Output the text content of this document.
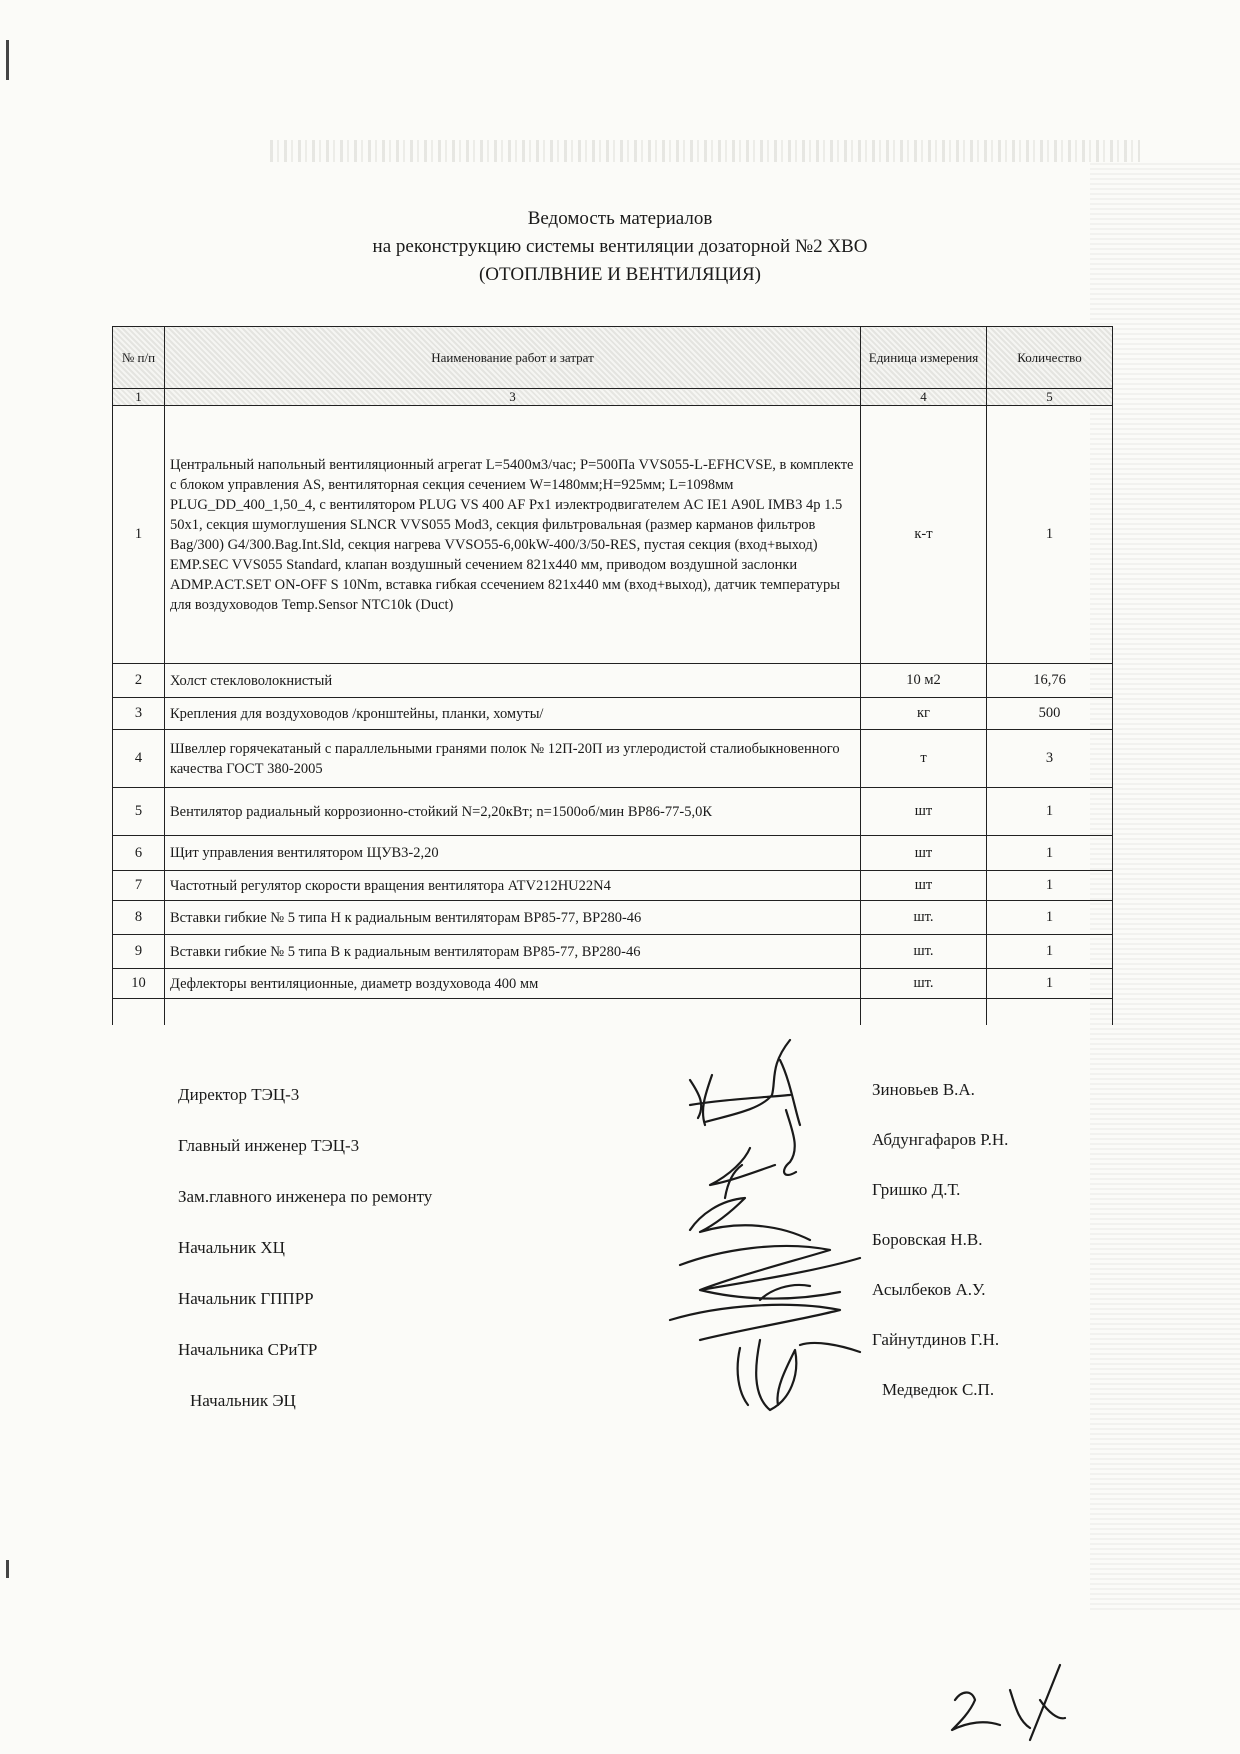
Ведомость материалов
на реконструкцию системы вентиляции дозаторной №2 ХВО
(ОТОПЛВНИЕ И ВЕНТИЛЯЦИЯ)
№ п/п	Наименование работ и затрат	Единица измерения	Количество
1	3	4	5
1	Центральный напольный вентиляционный агрегат L=5400м3/час; P=500Па VVS055-L-EFHCVSE, в комплекте с блоком управления AS, вентиляторная секция сечением W=1480мм;H=925мм; L=1098мм PLUG_DD_400_1,50_4, с вентилятором PLUG VS 400 AF Px1 иэлектродвигателем AC IE1 A90L IMB3 4p 1.5 50x1, секция шумоглушения SLNCR VVS055 Mod3, секция фильтровальная (размер карманов фильтров Bag/300) G4/300.Bag.Int.Sld, секция нагрева VVSO55-6,00kW-400/3/50-RES, пустая секция (вход+выход) EMP.SEC VVS055 Standard, клапан воздушный сечением 821x440 мм, приводом воздушной заслонки ADMP.ACT.SET ON-OFF S 10Nm, вставка гибкая ссечением 821x440 мм (вход+выход), датчик температуры для воздуховодов Temp.Sensor NTC10k (Duct)	к-т	1
2	Холст стекловолокнистый	10 м2	16,76
3	Крепления для воздуховодов /кронштейны, планки, хомуты/	кг	500
4	Швеллер горячекатаный с параллельными гранями полок № 12П-20П из углеродистой сталиобыкновенного качества ГОСТ 380-2005	т	3
5	Вентилятор радиальный коррозионно-стойкий N=2,20кВт; n=1500об/мин ВР86-77-5,0К	шт	1
6	Щит управления вентилятором ЩУВ3-2,20	шт	1
7	Частотный регулятор скорости вращения вентилятора ATV212HU22N4	шт	1
8	Вставки гибкие № 5 типа Н к радиальным вентиляторам ВР85-77, ВР280-46	шт.	1
9	Вставки гибкие № 5 типа В к радиальным вентиляторам ВР85-77, ВР280-46	шт.	1
10	Дефлекторы вентиляционные, диаметр воздуховода 400 мм	шт.	1

Директор ТЭЦ-3
Главный инженер ТЭЦ-3
Зам.главного инженера по ремонту
Начальник ХЦ
Начальник ГППРР
Начальника СРиТР
Начальник ЭЦ
Зиновьев В.А.
Абдунгафаров Р.Н.
Гришко Д.Т.
Боровская Н.В.
Асылбеков А.У.
Гайнутдинов Г.Н.
Медведюк С.П.
